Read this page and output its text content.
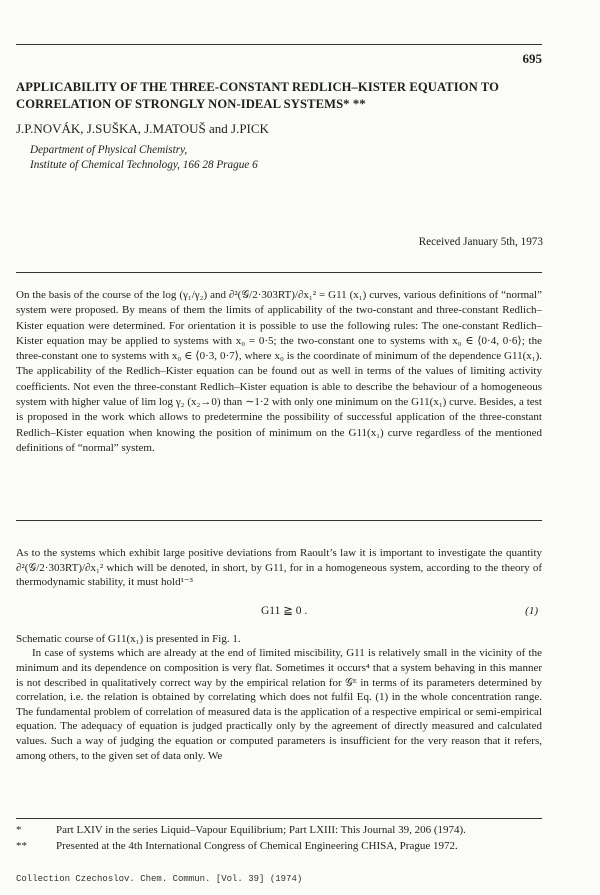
695
APPLICABILITY OF THE THREE-CONSTANT REDLICH–KISTER EQUATION TO CORRELATION OF STRONGLY NON-IDEAL SYSTEMS* **
J.P.NOVÁK, J.SUŠKA, J.MATOUŠ and J.PICK
Department of Physical Chemistry,
Institute of Chemical Technology, 166 28 Prague 6
Received January 5th, 1973

On the basis of the course of the log (γ₁/γ₂) and ∂²(𝒢/2·303RT)/∂x₁² = G11 (x₁) curves, various definitions of “normal” system were proposed. By means of them the limits of applicability of the two-constant and three-constant Redlich–Kister equation were determined. For orientation it is possible to use the following rules: The one-constant Redlich–Kister equation may be applied to systems with x₀ = 0·5; the two-constant one to systems with x₀ ∈ ⟨0·4, 0·6⟩; the three-constant one to systems with x₀ ∈ ⟨0·3, 0·7⟩, where x₀ is the coordinate of minimum of the dependence G11(x₁). The applicability of the Redlich–Kister equation can be found out as well in terms of the values of limiting activity coefficients. Not even the three-constant Redlich–Kister equation is able to describe the behaviour of a homogeneous system with higher value of lim log γ₂ (x₂→0) than ∼1·2 with only one minimum on the G11(x₁) curve. Besides, a test is proposed in the work which allows to predetermine the possibility of successful application of the three-constant Redlich–Kister equation when knowing the position of minimum on the G11(x₁) curve regardless of the mentioned definitions of “normal” system.

As to the systems which exhibit large positive deviations from Raoult’s law it is important to investigate the quantity ∂²(𝒢/2·303RT)/∂x₁² which will be denoted, in short, by G11, for in a homogeneous system, according to the theory of thermodynamic stability, it must hold¹⁻³

G11 ≧ 0 .	(1)

Schematic course of G11(x₁) is presented in Fig. 1.

In case of systems which are already at the end of limited miscibility, G11 is relatively small in the vicinity of the minimum and its dependence on composition is very flat. Sometimes it occurs⁴ that a system behaving in this manner is not described in qualitatively correct way by the empirical relation for 𝒢ᴱ in terms of its parameters determined by correlation, i.e. the relation is obtained by correlating which does not fulfil Eq. (1) in the whole concentration range. The fundamental problem of correlation of measured data is the application of a respective empirical or semi-empirical equation. The adequacy of equation is judged practically only by the agreement of directly measured and calculated values. Such a way of judging the equation or computed parameters is insufficient for the very reason that it refers, among others, to the given set of data only. We

*	Part LXIV in the series Liquid–Vapour Equilibrium; Part LXIII: This Journal 39, 206 (1974).
**	Presented at the 4th International Congress of Chemical Engineering CHISA, Prague 1972.
Collection Czechoslov. Chem. Commun. [Vol. 39] (1974)
